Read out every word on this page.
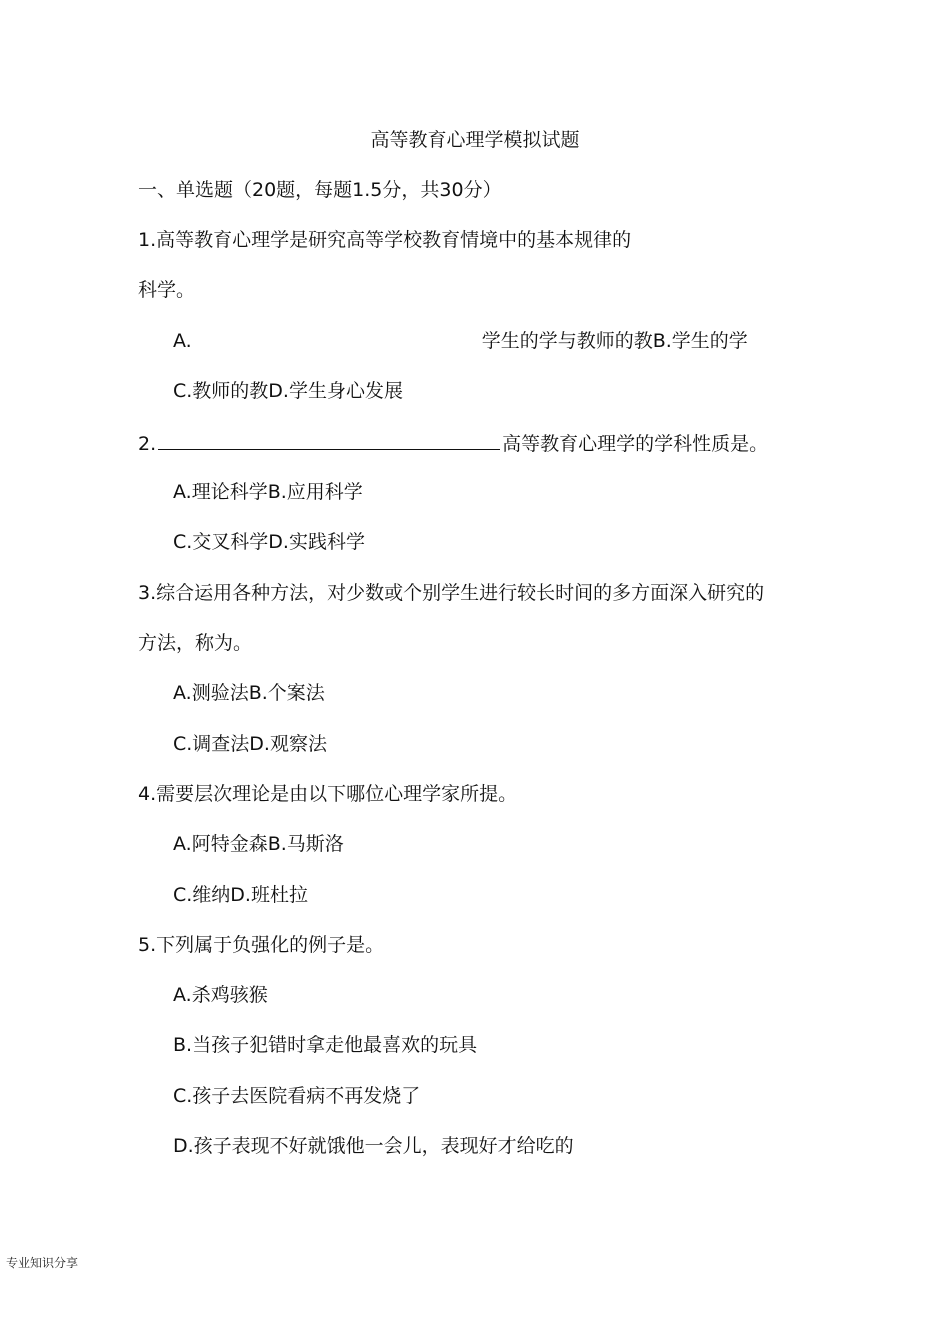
高等教育心理学模拟试题
一、单选题（20题，每题1.5分，共30分）
1.高等教育心理学是研究高等学校教育情境中的基本规律的
科学。
A.	学生的学与教师的教B.学生的学
C.教师的教D.学生身心发展
2.	高等教育心理学的学科性质是。
A.理论科学B.应用科学
C.交叉科学D.实践科学
3.综合运用各种方法，对少数或个别学生进行较长时间的多方面深入研究的
方法，称为。
A.测验法B.个案法
C.调查法D.观察法
4.需要层次理论是由以下哪位心理学家所提。
A.阿特金森B.马斯洛
C.维纳D.班杜拉
5.下列属于负强化的例子是。
A.杀鸡骇猴
B.当孩子犯错时拿走他最喜欢的玩具
C.孩子去医院看病不再发烧了
D.孩子表现不好就饿他一会儿，表现好才给吃的
专业知识分享
